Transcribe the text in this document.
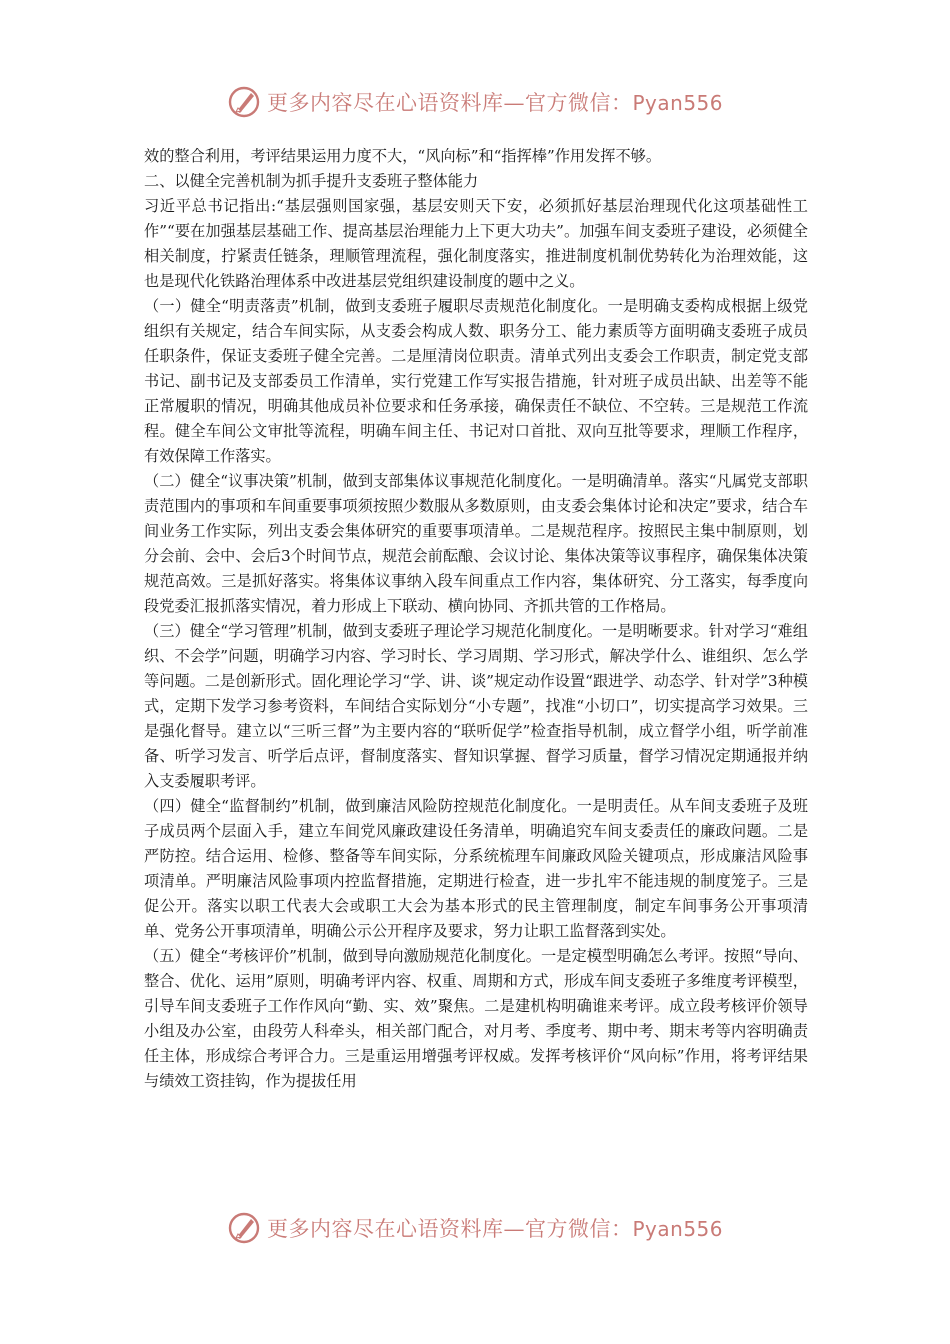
更多内容尽在心语资料库—官方微信：Pyan556

效的整合利用，考评结果运用力度不大，“风向标”和“指挥棒”作用发挥不够。

二、以健全完善机制为抓手提升支委班子整体能力

习近平总书记指出:“基层强则国家强，基层安则天下安，必须抓好基层治理现代化这项基础性工作”“要在加强基层基础工作、提高基层治理能力上下更大功夫”。加强车间支委班子建设，必须健全相关制度，拧紧责任链条，理顺管理流程，强化制度落实，推进制度机制优势转化为治理效能，这也是现代化铁路治理体系中改进基层党组织建设制度的题中之义。

（一）健全“明责落责”机制，做到支委班子履职尽责规范化制度化。一是明确支委构成根据上级党组织有关规定，结合车间实际，从支委会构成人数、职务分工、能力素质等方面明确支委班子成员任职条件，保证支委班子健全完善。二是厘清岗位职责。清单式列出支委会工作职责，制定党支部书记、副书记及支部委员工作清单，实行党建工作写实报告措施，针对班子成员出缺、出差等不能正常履职的情况，明确其他成员补位要求和任务承接，确保责任不缺位、不空转。三是规范工作流程。健全车间公文审批等流程，明确车间主任、书记对口首批、双向互批等要求，理顺工作程序，有效保障工作落实。

（二）健全“议事决策”机制，做到支部集体议事规范化制度化。一是明确清单。落实“凡属党支部职责范围内的事项和车间重要事项须按照少数服从多数原则，由支委会集体讨论和决定”要求，结合车间业务工作实际，列出支委会集体研究的重要事项清单。二是规范程序。按照民主集中制原则，划分会前、会中、会后3个时间节点，规范会前酝酿、会议讨论、集体决策等议事程序，确保集体决策规范高效。三是抓好落实。将集体议事纳入段车间重点工作内容，集体研究、分工落实，每季度向段党委汇报抓落实情况，着力形成上下联动、横向协同、齐抓共管的工作格局。

（三）健全“学习管理”机制，做到支委班子理论学习规范化制度化。一是明晰要求。针对学习“难组织、不会学”问题，明确学习内容、学习时长、学习周期、学习形式，解决学什么、谁组织、怎么学等问题。二是创新形式。固化理论学习“学、讲、谈”规定动作设置“跟进学、动态学、针对学”3种模式，定期下发学习参考资料，车间结合实际划分“小专题”，找准“小切口”，切实提高学习效果。三是强化督导。建立以“三听三督”为主要内容的“联听促学”检查指导机制，成立督学小组，听学前准备、听学习发言、听学后点评，督制度落实、督知识掌握、督学习质量，督学习情况定期通报并纳入支委履职考评。

（四）健全“监督制约”机制，做到廉洁风险防控规范化制度化。一是明责任。从车间支委班子及班子成员两个层面入手，建立车间党风廉政建设任务清单，明确追究车间支委责任的廉政问题。二是严防控。结合运用、检修、整备等车间实际，分系统梳理车间廉政风险关键项点，形成廉洁风险事项清单。严明廉洁风险事项内控监督措施，定期进行检查，进一步扎牢不能违规的制度笼子。三是促公开。落实以职工代表大会或职工大会为基本形式的民主管理制度，制定车间事务公开事项清单、党务公开事项清单，明确公示公开程序及要求，努力让职工监督落到实处。

（五）健全“考核评价”机制，做到导向激励规范化制度化。一是定模型明确怎么考评。按照“导向、整合、优化、运用”原则，明确考评内容、权重、周期和方式，形成车间支委班子多维度考评模型，引导车间支委班子工作作风向“勤、实、效”聚焦。二是建机构明确谁来考评。成立段考核评价领导小组及办公室，由段劳人科牵头，相关部门配合，对月考、季度考、期中考、期末考等内容明确责任主体，形成综合考评合力。三是重运用增强考评权威。发挥考核评价“风向标”作用，将考评结果与绩效工资挂钩，作为提拔任用

更多内容尽在心语资料库—官方微信：Pyan556
